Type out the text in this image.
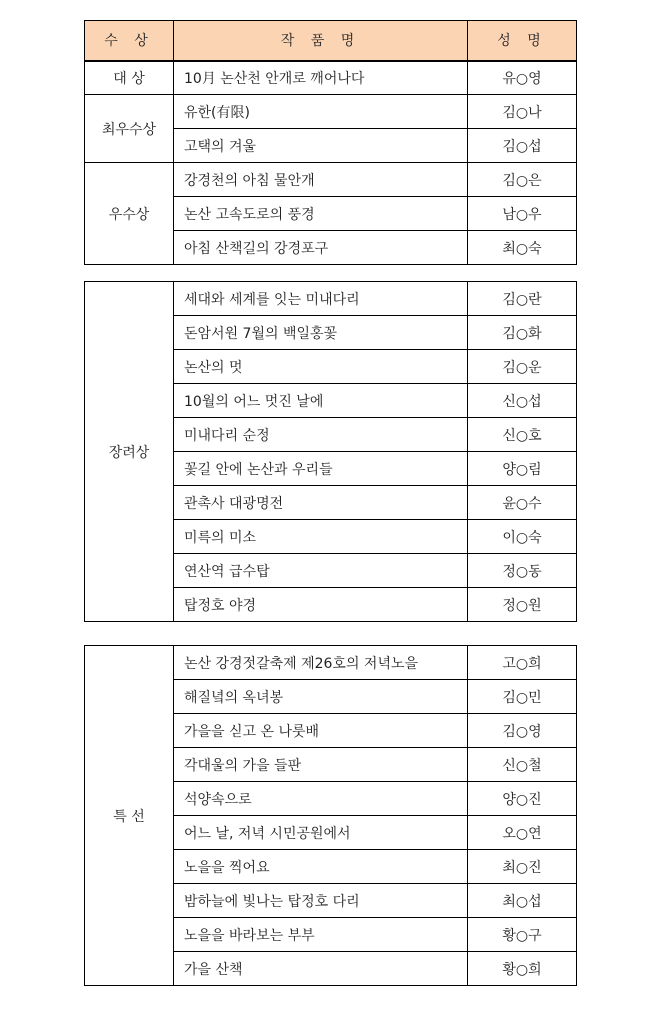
수 상	작 품 명	성 명
대 상	10月 논산천 안개로 깨어나다	유○영
최우수상	유한(有限)	김○나
	고택의 겨울	김○섭
우수상	강경천의 아침 물안개	김○은
	논산 고속도로의 풍경	남○우
	아침 산책길의 강경포구	최○숙
장려상	세대와 세계를 잇는 미내다리	김○란
	돈암서원 7월의 백일홍꽃	김○화
	논산의 멋	김○운
	10월의 어느 멋진 날에	신○섭
	미내다리 순정	신○호
	꽃길 안에 논산과 우리들	양○림
	관촉사 대광명전	윤○수
	미륵의 미소	이○숙
	연산역 급수탑	정○동
	탑정호 야경	정○원
특 선	논산 강경젓갈축제 제26호의 저녁노을	고○희
	해질녘의 옥녀봉	김○민
	가을을 싣고 온 나룻배	김○영
	각대울의 가을 들판	신○철
	석양속으로	양○진
	어느 날, 저녁 시민공원에서	오○연
	노을을 찍어요	최○진
	밤하늘에 빛나는 탑정호 다리	최○섭
	노을을 바라보는 부부	황○구
	가을 산책	황○희
